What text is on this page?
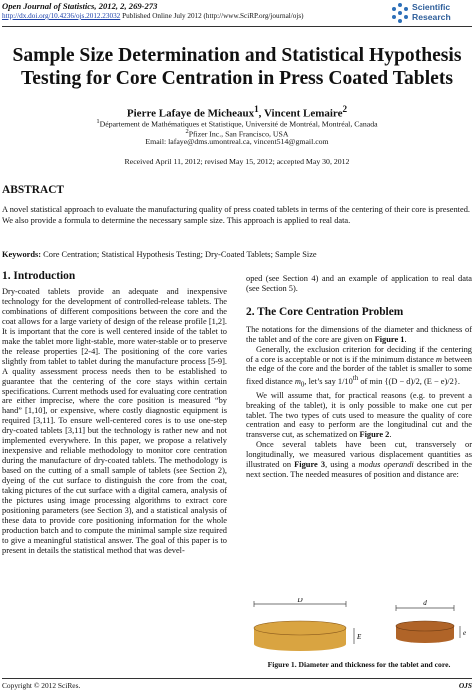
Open Journal of Statistics, 2012, 2, 269-273
http://dx.doi.org/10.4236/ojs.2012.23032 Published Online July 2012 (http://www.SciRP.org/journal/ojs)
Scientific
Research
Sample Size Determination and Statistical Hypothesis
Testing for Core Centration in Press Coated Tablets
Pierre Lafaye de Micheaux$^1$, Vincent Lemaire$^2$
$^1$Département de Mathématiques et Statistique, Université de Montréal, Montréal, Canada
$^2$Pfizer Inc., San Francisco, USA
Email: lafaye@dms.umontreal.ca, vincent514@gmail.com
Received April 11, 2012; revised May 15, 2012; accepted May 30, 2012
ABSTRACT
A novel statistical approach to evaluate the manufacturing quality of press coated tablets in terms of the centering of their core is presented. We also provide a formula to determine the necessary sample size. This approach is applied to real data.
Keywords: Core Centration; Statistical Hypothesis Testing; Dry-Coated Tablets; Sample Size
1. Introduction
Dry-coated tablets provide an adequate and inexpensive technology for the development of controlled-release tablets. The combinations of different compositions between the core and the coat allows for a large variety of design of the release profile [1,2]. It is important that the core is well centered inside of the tablet to make the tablet more light-stable, more water-stable or to preserve the release properties [2-4]. The positioning of the core varies slightly from tablet to tablet during the manufacture process [5-9]. A quality assessment process needs then to be established to guarantee that the centering of the core stays within certain specifications. Current methods used for evaluating core centration are either imprecise, where the core position is measured “by hand” [1,10], or expensive, where costly diagnostic equipment is required [3,11]. To ensure well-centered cores is to use one-step dry-coated tablets [3,11] but the technology is rather new and not implemented everywhere. In this paper, we propose a relatively inexpensive and reliable methodology to monitor core centration during the manufacture of dry-coated tablets. The methodology is based on the cutting of a small sample of tablets (see Section 2), dyeing of the cut surface to distinguish the core from the coat, taking pictures of the cut surface with a digital camera, analysis of the pictures using image processing algorithms to extract core positioning parameters (see Section 3), and a statistical analysis of these data to provide core positioning information for the whole production batch and to compute the minimal sample size required to give a meaningful statistical answer. The goal of this paper is to present in details the statistical method that was devel-
oped (see Section 4) and an example of application to real data (see Section 5).
2. The Core Centration Problem
The notations for the dimensions of the diameter and thickness of the tablet and of the core are given on Figure 1.
Generally, the exclusion criterion for deciding if the centering of a core is acceptable or not is if the minimum distance m between the edge of the core and the border of the tablet is smaller to some fixed distance $m_0$, let’s say 1/10th of min {(D − d)/2, (E − e)/2}.
We will assume that, for practical reasons (e.g. to prevent a breaking of the tablet), it is only possible to make one cut per tablet. The two types of cuts used to measure the quality of core centration and easy to perform are the longitudinal cut and the transverse cut, as schematized on Figure 2.
Once several tablets have been cut, transversely or longitudinally, we measured various displacement quantities as illustrated on Figure 3, using a modus operandi described in the next section. The needed measures of position and distance are:
D
E
d
e
Figure 1. Diameter and thickness for the tablet and core.
Copyright © 2012 SciRes.	OJS
